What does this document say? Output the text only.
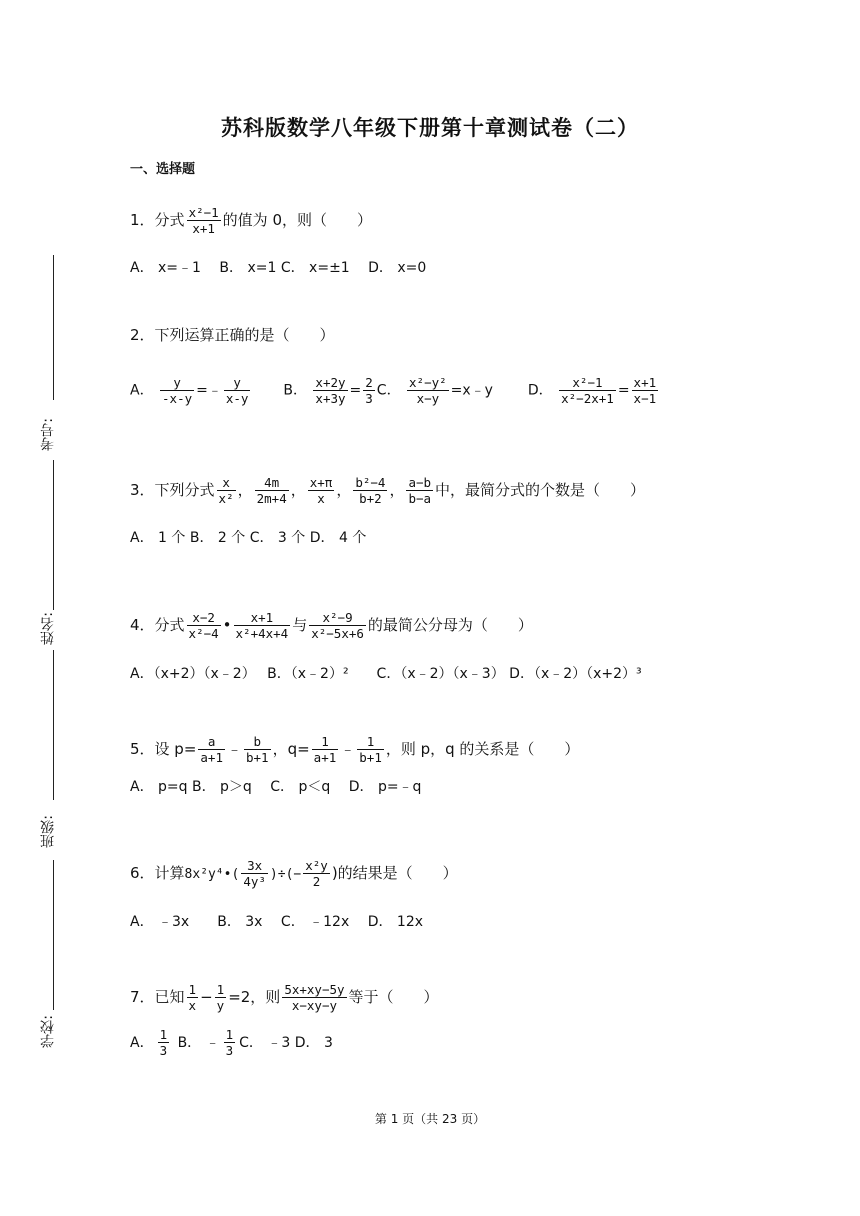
考号:
姓名:
班级:
学校:
苏科版数学八年级下册第十章测试卷（二）
一、选择题
1．分式 $\frac{\text{x²−1}}{x+1}$ 的值为 0，则（　　）
A． x=﹣1　 B． x=1 C． x=±1　 D． x=0
2．下列运算正确的是（　　）
A． $\frac{y}{-x-y}$ =﹣ $\frac{y}{x-y}$ B． $\frac{x+2y}{x+3y} = \frac{2}{3}$ C． $\frac{\text{x²−y²}}{x-y}$ =x﹣y D． $\frac{\text{x²−1}}{\text{x²−2x+1}} = \frac{x+1}{x-1}$
3．下列分式 $\frac{x}{\text{x²}}$ ， $\frac{4m}{2m+4}$ ， $\frac{x+\pi}{x}$ ， $\frac{\text{b²−4}}{b+2}$ ， $\frac{a-b}{b-a}$ 中，最简分式的个数是（　　）
A． 1 个 B． 2 个 C． 3 个 D． 4 个
4．分式 $\frac{x-2}{\text{x²−4}}$ • $\frac{x+1}{\text{x²+4x+4}}$ 与 $\frac{\text{x²−9}}{\text{x²−5x+6}}$ 的最简公分母为（　　）
A．（x+2）（x﹣2）　 B．（x﹣2）²　　C．（x﹣2）（x﹣3） D．（x﹣2）（x+2）³
5．设 $p= \frac{a}{a+1}$ ﹣ $\frac{b}{b+1}$ ，$q= \frac{1}{a+1}$ ﹣ $\frac{1}{b+1}$ ，则 p，q 的关系是（　　）
A． p=q B． p＞q　 C． p＜q　 D． p=﹣q
6．计算8x²y⁴•( $\frac{3x}{\text{4y³}}$ )÷(− $\frac{\text{x²y}}{2}$ )的结果是（　　）
A． ﹣3x　　B． 3x　 C． ﹣12x　 D． 12x
7．已知 $\frac{1}{x} - \frac{1}{y} =2$，则 $\frac{5x+xy-5y}{x-xy-y}$ 等于（　　）
A． $\frac{1}{3}$ B． ﹣ $\frac{1}{3}$ C． ﹣3 D． 3
第 1 页（共 23 页）
